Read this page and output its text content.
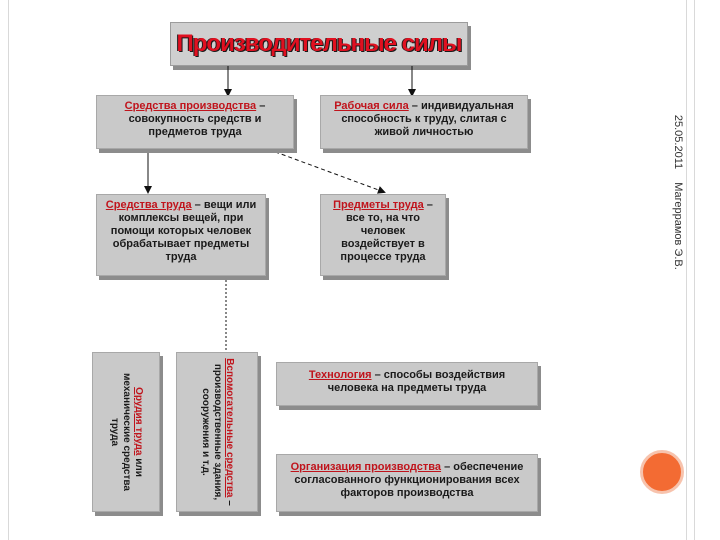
Производительные силы
Средства производства – совокупность средств и предметов труда
Рабочая сила – индивидуальная способность к труду, слитая с живой личностью
Средства труда – вещи или комплексы вещей, при помощи которых человек обрабатывает предметы труда
Предметы труда – все то, на что человек воздействует в процессе труда
Орудия труда или механические средства труда	Вспомогательные средства – производственные здания, сооружения и т.д.
Технология – способы воздействия человека на предметы труда
Организация производства – обеспечение согласованного функционирования всех факторов производства
25.05.2011
Магеррамов Э.В.
